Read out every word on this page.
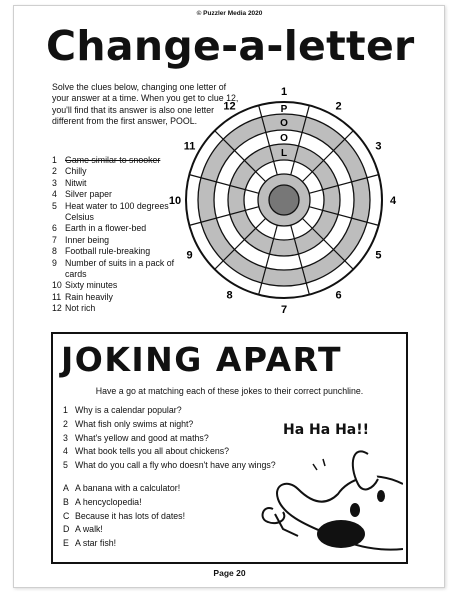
© Puzzler Media 2020
Change-a-letter
Solve the clues below, changing one letter of your answer at a time. When you get to clue 12, you'll find that its answer is also one letter different from the first answer, POOL.
1 Game similar to snooker
2 Chilly
3 Nitwit
4 Silver paper
5 Heat water to 100 degrees Celsius
6 Earth in a flower-bed
7 Inner being
8 Football rule-breaking
9 Number of suits in a pack of cards
10 Sixty minutes
11 Rain heavily
12 Not rich
1
2
3
4
5
6
7
8
9
10
11
12	P
O
O
L
JOKING APART
Have a go at matching each of these jokes to their correct punchline.
1 Why is a calendar popular?
2 What fish only swims at night?
3 What's yellow and good at maths?
4 What book tells you all about chickens?
5 What do you call a fly who doesn't have any wings?
A A banana with a calculator!
B A hencyclopedia!
C Because it has lots of dates!
D A walk!
E A star fish!
Ha Ha Ha!!
Page 20
